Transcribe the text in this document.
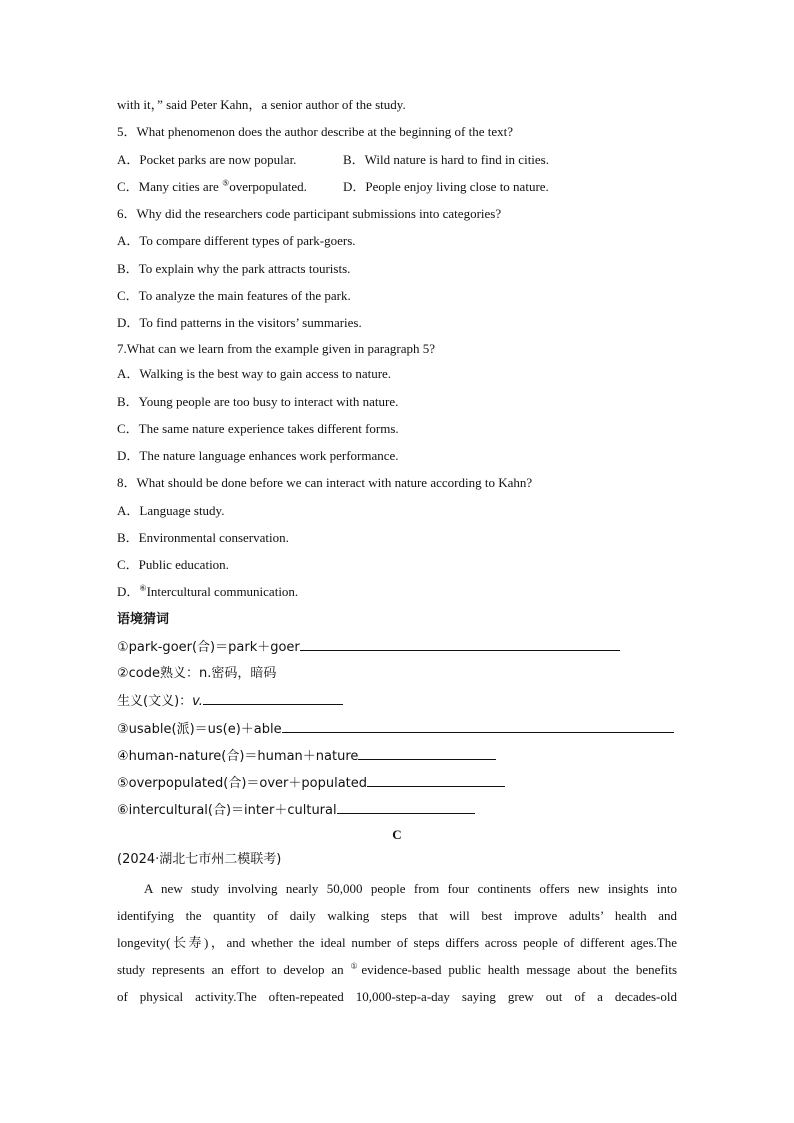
with it，” said Peter Kahn，a senior author of the study.
5．What phenomenon does the author describe at the beginning of the text?
A．Pocket parks are now popular.	B．Wild nature is hard to find in cities.
C．Many cities are ⑤overpopulated.	D．People enjoy living close to nature.
6．Why did the researchers code participant submissions into categories?
A．To compare different types of park-goers.
B．To explain why the park attracts tourists.
C．To analyze the main features of the park.
D．To find patterns in the visitors’ summaries.
7.What can we learn from the example given in paragraph 5?
A．Walking is the best way to gain access to nature.
B．Young people are too busy to interact with nature.
C．The same nature experience takes different forms.
D．The nature language enhances work performance.
8．What should be done before we can interact with nature according to Kahn?
A．Language study.
B．Environmental conservation.
C．Public education.
D．⑥Intercultural communication.
语境猜词
①park-goer(合)＝park＋goer
②code熟义：n.密码，暗码
生义(文义)：v.
③usable(派)＝us(e)＋able
④human-nature(合)＝human＋nature
⑤overpopulated(合)＝over＋populated
⑥intercultural(合)＝inter＋cultural
C
(2024·湖北七市州二模联考)
A new study involving nearly 50,000 people from four continents offers new insights into
identifying the quantity of daily walking steps that will best improve adults’ health and
longevity(长寿)，and whether the ideal number of steps differs across people of different ages.The
study represents an effort to develop an ①evidence-based public health message about the benefits
of physical activity.The often-repeated 10,000-step-a-day saying grew out of a decades-old
